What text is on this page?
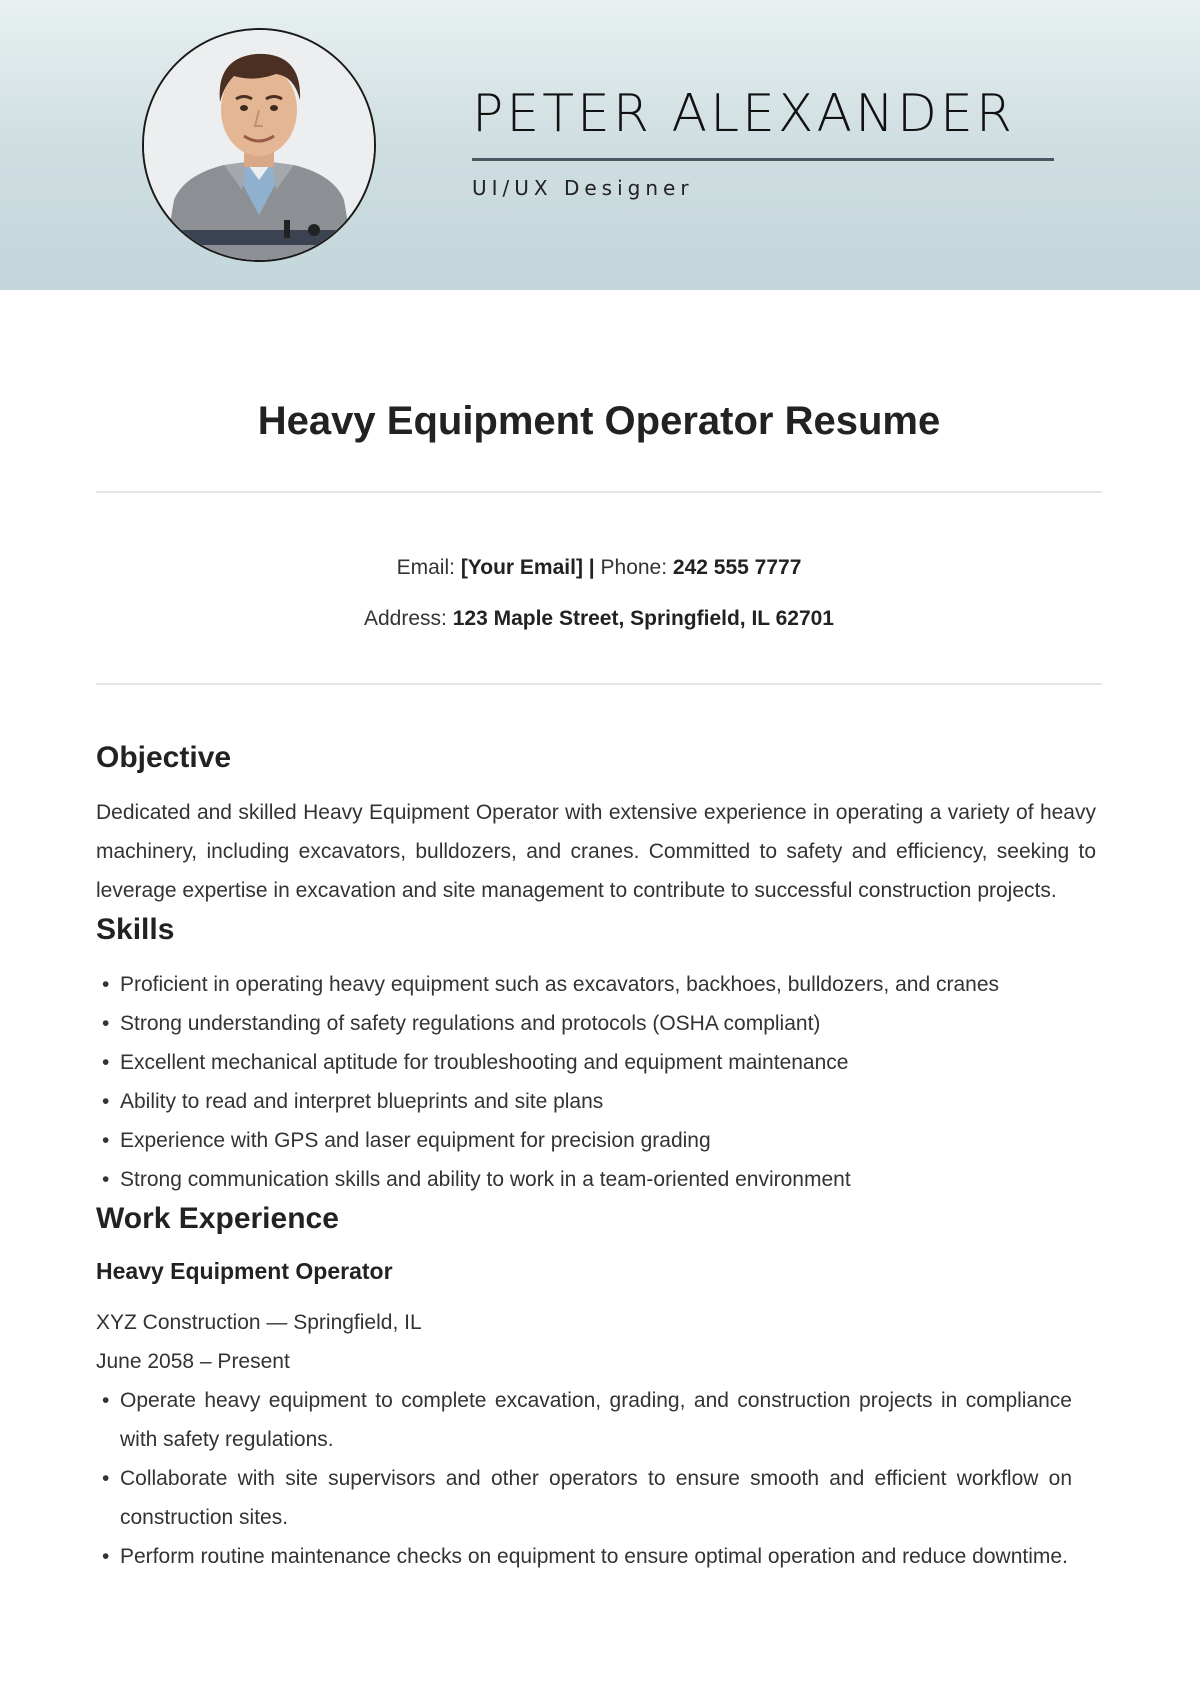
PETER ALEXANDER
UI/UX Designer
Heavy Equipment Operator Resume
Email: [Your Email] | Phone: 242 555 7777
Address: 123 Maple Street, Springfield, IL 62701
Objective

Dedicated and skilled Heavy Equipment Operator with extensive experience in operating a variety of heavy machinery, including excavators, bulldozers, and cranes. Committed to safety and efficiency, seeking to leverage expertise in excavation and site management to contribute to successful construction projects.

Skills
• Proficient in operating heavy equipment such as excavators, backhoes, bulldozers, and cranes
• Strong understanding of safety regulations and protocols (OSHA compliant)
• Excellent mechanical aptitude for troubleshooting and equipment maintenance
• Ability to read and interpret blueprints and site plans
• Experience with GPS and laser equipment for precision grading
• Strong communication skills and ability to work in a team-oriented environment
Work Experience
Heavy Equipment Operator
XYZ Construction — Springfield, IL
June 2058 – Present
• Operate heavy equipment to complete excavation, grading, and construction projects in compliance with safety regulations.
• Collaborate with site supervisors and other operators to ensure smooth and efficient workflow on construction sites.
• Perform routine maintenance checks on equipment to ensure optimal operation and reduce downtime.
